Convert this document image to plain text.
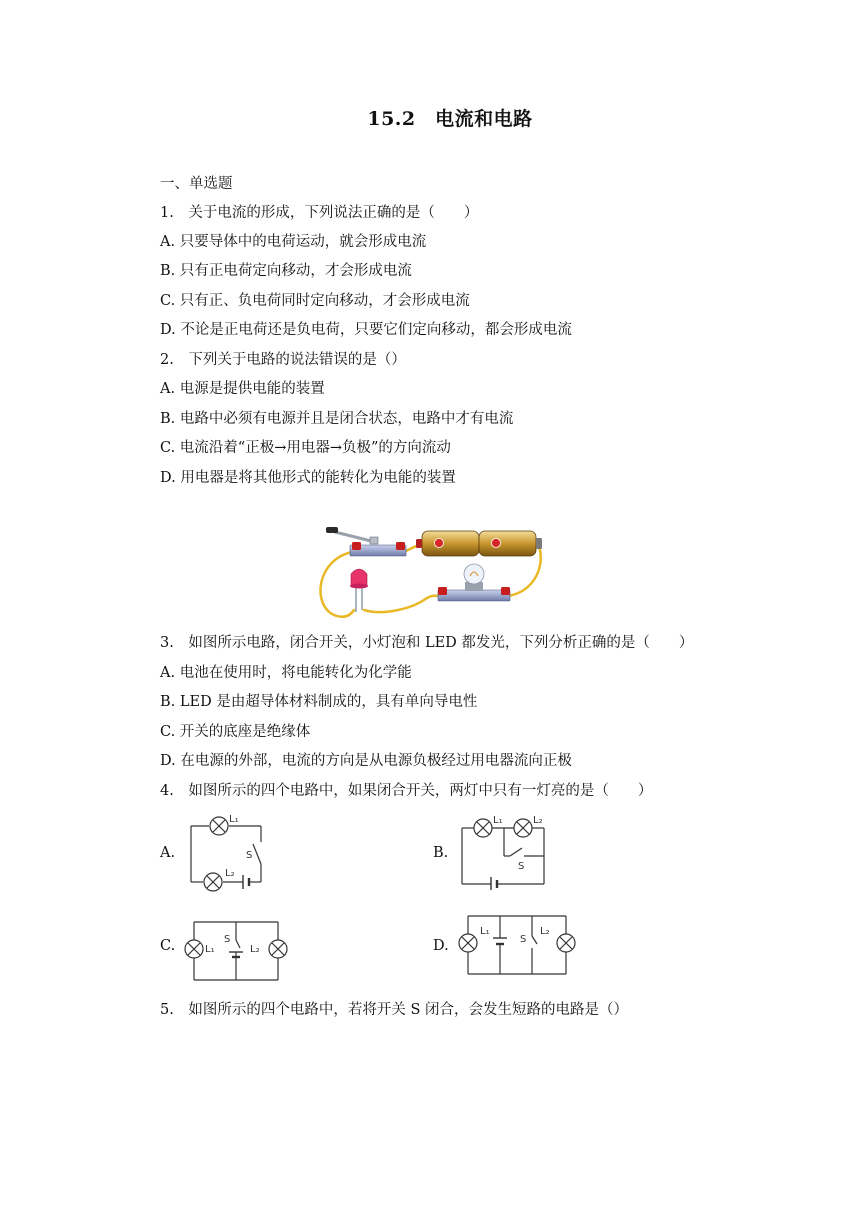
15.2　电流和电路
一、单选题
1.　关于电流的形成，下列说法正确的是（　　）
A. 只要导体中的电荷运动，就会形成电流
B. 只有正电荷定向移动，才会形成电流
C. 只有正、负电荷同时定向移动，才会形成电流
D. 不论是正电荷还是负电荷，只要它们定向移动，都会形成电流
2.　下列关于电路的说法错误的是（）
A. 电源是提供电能的装置
B. 电路中必须有电源并且是闭合状态，电路中才有电流
C. 电流沿着“正极→用电器→负极”的方向流动
D. 用电器是将其他形式的能转化为电能的装置
3.　如图所示电路，闭合开关，小灯泡和 LED 都发光，下列分析正确的是（　　）
A. 电池在使用时，将电能转化为化学能
B. LED 是由超导体材料制成的，具有单向导电性
C. 开关的底座是绝缘体
D. 在电源的外部，电流的方向是从电源负极经过用电器流向正极
4.　如图所示的四个电路中，如果闭合开关，两灯中只有一灯亮的是（　　）
A.	B.
C.	D.
L₁
L₂
S
L₁	L₂
S
L₁	L₂
S
L₁	L₂
S
5.　如图所示的四个电路中，若将开关 S 闭合，会发生短路的电路是（）
